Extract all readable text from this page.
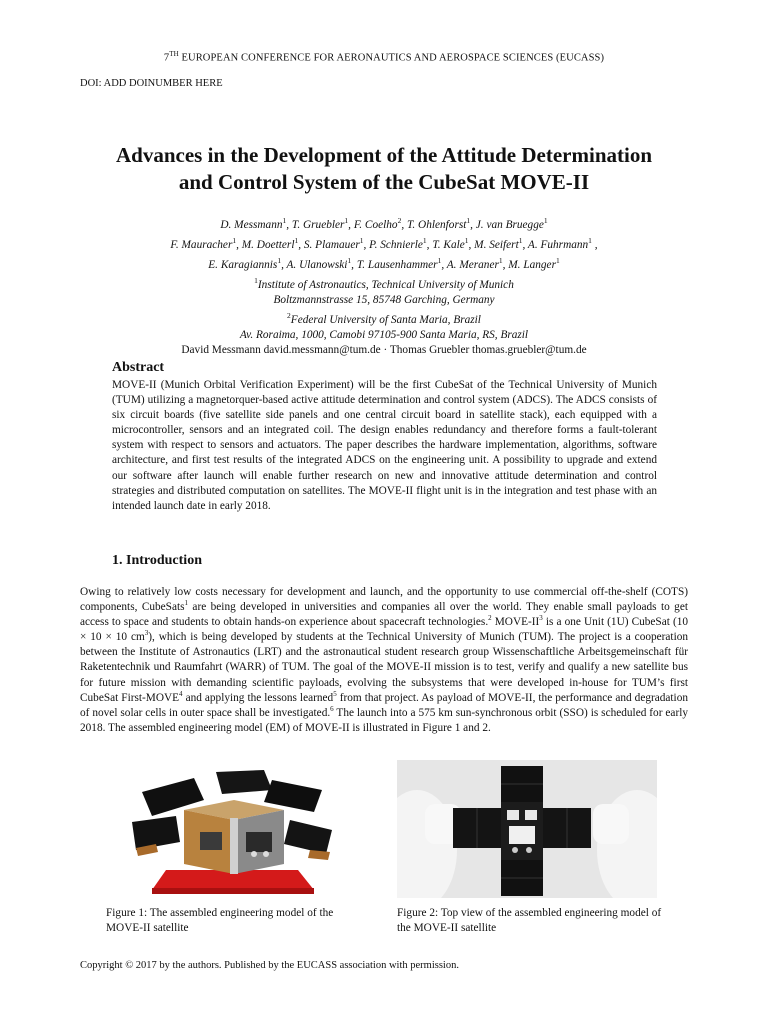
7TH EUROPEAN CONFERENCE FOR AERONAUTICS AND AEROSPACE SCIENCES (EUCASS)
DOI: ADD DOINUMBER HERE
Advances in the Development of the Attitude Determination
and Control System of the CubeSat MOVE-II
D. Messmann$^1$, T. Gruebler$^1$, F. Coelho$^2$, T. Ohlenforst$^1$, J. van Bruegge$^1$
F. Mauracher$^1$, M. Doetterl$^1$, S. Plamauer$^1$, P. Schnierle$^1$, T. Kale$^1$, M. Seifert$^1$, A. Fuhrmann$^1$ ,
E. Karagiannis$^1$, A. Ulanowski$^1$, T. Lausenhammer$^1$, A. Meraner$^1$, M. Langer$^1$
$^1$Institute of Astronautics, Technical University of Munich
Boltzmannstrasse 15, 85748 Garching, Germany
$^2$Federal University of Santa Maria, Brazil
Av. Roraima, 1000, Camobi 97105-900 Santa Maria, RS, Brazil
David Messmann david.messmann@tum.de · Thomas Gruebler thomas.gruebler@tum.de
Abstract
MOVE-II (Munich Orbital Verification Experiment) will be the first CubeSat of the Technical University of Munich (TUM) utilizing a magnetorquer-based active attitude determination and control system (ADCS). The ADCS consists of six circuit boards (five satellite side panels and one central circuit board in satellite stack), each equipped with a microcontroller, sensors and an integrated coil. The design enables redundancy and therefore forms a fault-tolerant system with respect to sensors and actuators. The paper describes the hardware implementation, algorithms, software architecture, and first test results of the integrated ADCS on the engineering unit. A possibility to upgrade and extend our software after launch will enable further research on new and innovative attitude determination and control strategies and distributed computation on satellites. The MOVE-II flight unit is in the integration and test phase with an intended launch date in early 2018.
1. Introduction
Owing to relatively low costs necessary for development and launch, and the opportunity to use commercial off-the-shelf (COTS) components, CubeSats$^1$ are being developed in universities and companies all over the world. They enable small payloads to get access to space and students to obtain hands-on experience about spacecraft technologies.$^2$ MOVE-$II^3$ is a one Unit (1U) CubeSat (10 × 10 × 10 $cm^3$), which is being developed by students at the Technical University of Munich (TUM). The project is a cooperation between the Institute of Astronautics (LRT) and the astronautical student research group Wissenschaftliche Arbeitsgemeinschaft für Raketentechnik und Raumfahrt (WARR) of TUM. The goal of the MOVE-II mission is to test, verify and qualify a new satellite bus for future mission with demanding scientific payloads, evolving the subsystems that were developed in-house for TUM’s first CubeSat First-MOVE$^4$ and applying the lessons learned$^5$ from that project. As payload of MOVE-II, the performance and degradation of novel solar cells in outer space shall be investigated.$^6$ The launch into a 575 km sun-synchronous orbit (SSO) is scheduled for early 2018. The assembled engineering model (EM) of MOVE-II is illustrated in Figure 1 and 2.
Figure 1: The assembled engineering model of the MOVE-II satellite
Figure 2: Top view of the assembled engineering model of the MOVE-II satellite
Copyright © 2017 by the authors. Published by the EUCASS association with permission.
